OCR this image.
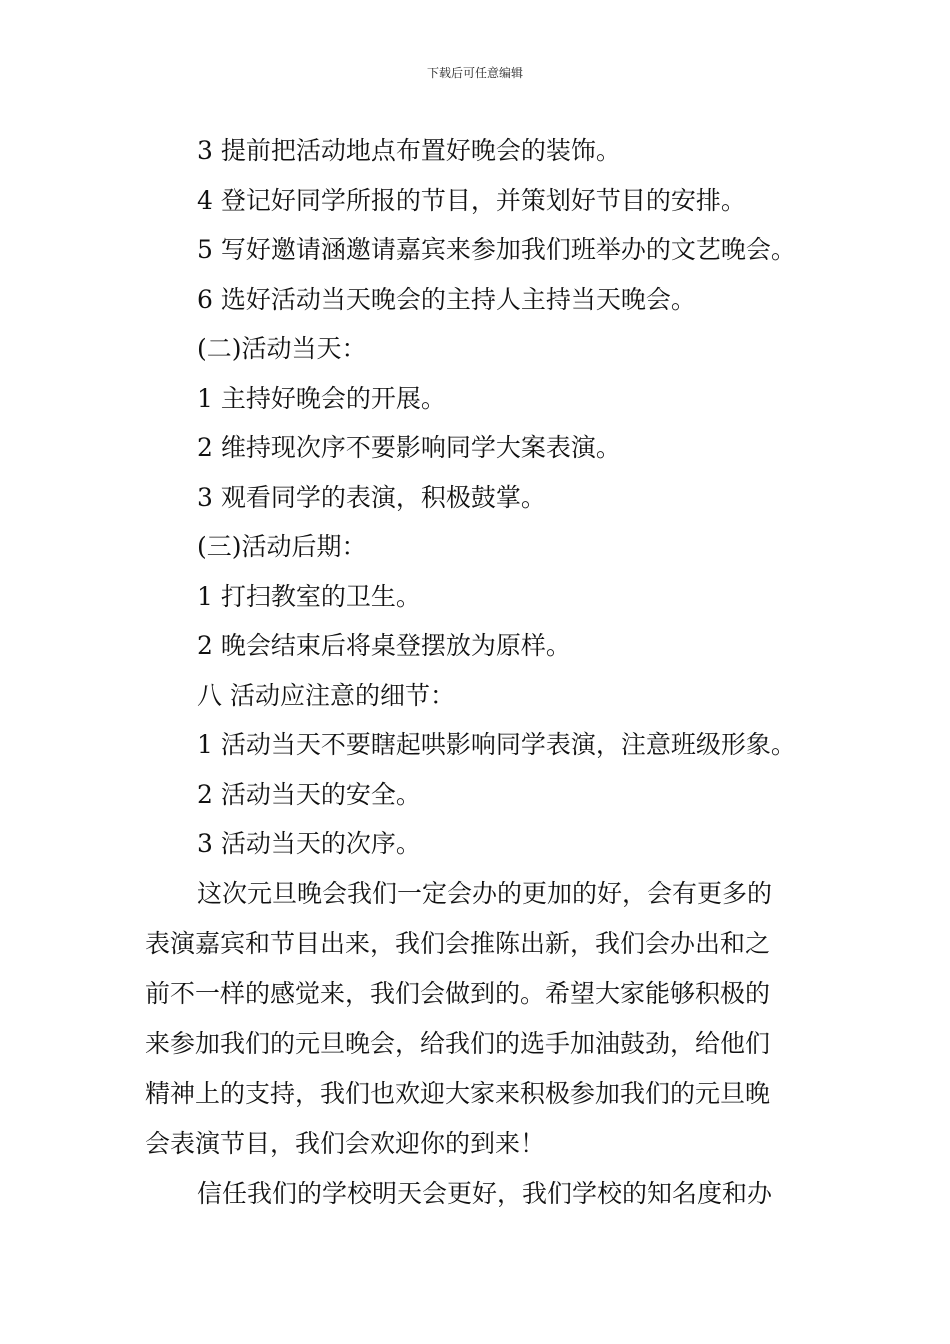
下载后可任意编辑
3 提前把活动地点布置好晚会的装饰。
4 登记好同学所报的节目，并策划好节目的安排。
5 写好邀请涵邀请嘉宾来参加我们班举办的文艺晚会。
6 选好活动当天晚会的主持人主持当天晚会。
(二)活动当天：
1 主持好晚会的开展。
2 维持现次序不要影响同学大案表演。
3 观看同学的表演，积极鼓掌。
(三)活动后期：
1 打扫教室的卫生。
2 晚会结束后将桌登摆放为原样。
八 活动应注意的细节：
1 活动当天不要瞎起哄影响同学表演，注意班级形象。
2 活动当天的安全。
3 活动当天的次序。
这次元旦晚会我们一定会办的更加的好，会有更多的
表演嘉宾和节目出来，我们会推陈出新，我们会办出和之
前不一样的感觉来，我们会做到的。希望大家能够积极的
来参加我们的元旦晚会，给我们的选手加油鼓劲，给他们
精神上的支持，我们也欢迎大家来积极参加我们的元旦晚
会表演节目，我们会欢迎你的到来！
信任我们的学校明天会更好，我们学校的知名度和办
